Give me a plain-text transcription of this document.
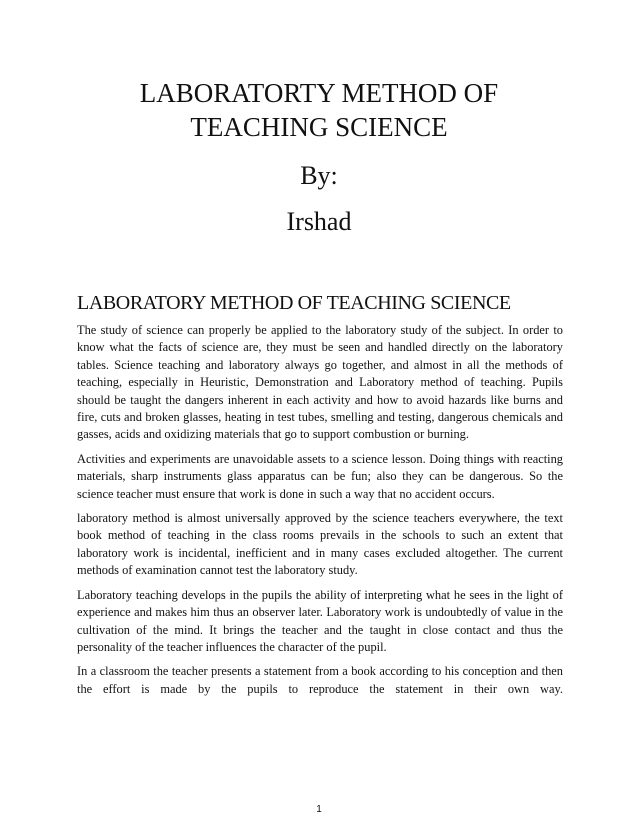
LABORATORTY METHOD OF
TEACHING SCIENCE
By:
Irshad
LABORATORY METHOD OF TEACHING SCIENCE

The study of science can properly be applied to the laboratory study of the subject. In order to know what the facts of science are, they must be seen and handled directly on the laboratory tables. Science teaching and laboratory always go together, and almost in all the methods of teaching, especially in Heuristic, Demonstration and Laboratory method of teaching. Pupils should be taught the dangers inherent in each activity and how to avoid hazards like burns and fire, cuts and broken glasses, heating in test tubes, smelling and testing, dangerous chemicals and gasses, acids and oxidizing materials that go to support combustion or burning.

Activities and experiments are unavoidable assets to a science lesson. Doing things with reacting materials, sharp instruments glass apparatus can be fun; also they can be dangerous. So the science teacher must ensure that work is done in such a way that no accident occurs.

laboratory method is almost universally approved by the science teachers everywhere, the text book method of teaching in the class rooms prevails in the schools to such an extent that laboratory work is incidental, inefficient and in many cases excluded altogether. The current methods of examination cannot test the laboratory study.

Laboratory teaching develops in the pupils the ability of interpreting what he sees in the light of experience and makes him thus an observer later. Laboratory work is undoubtedly of value in the cultivation of the mind. It brings the teacher and the taught in close contact and thus the personality of the teacher influences the character of the pupil.

In a classroom the teacher presents a statement from a book according to his conception and then the effort is made by the pupils to reproduce the statement in their own way.

1
